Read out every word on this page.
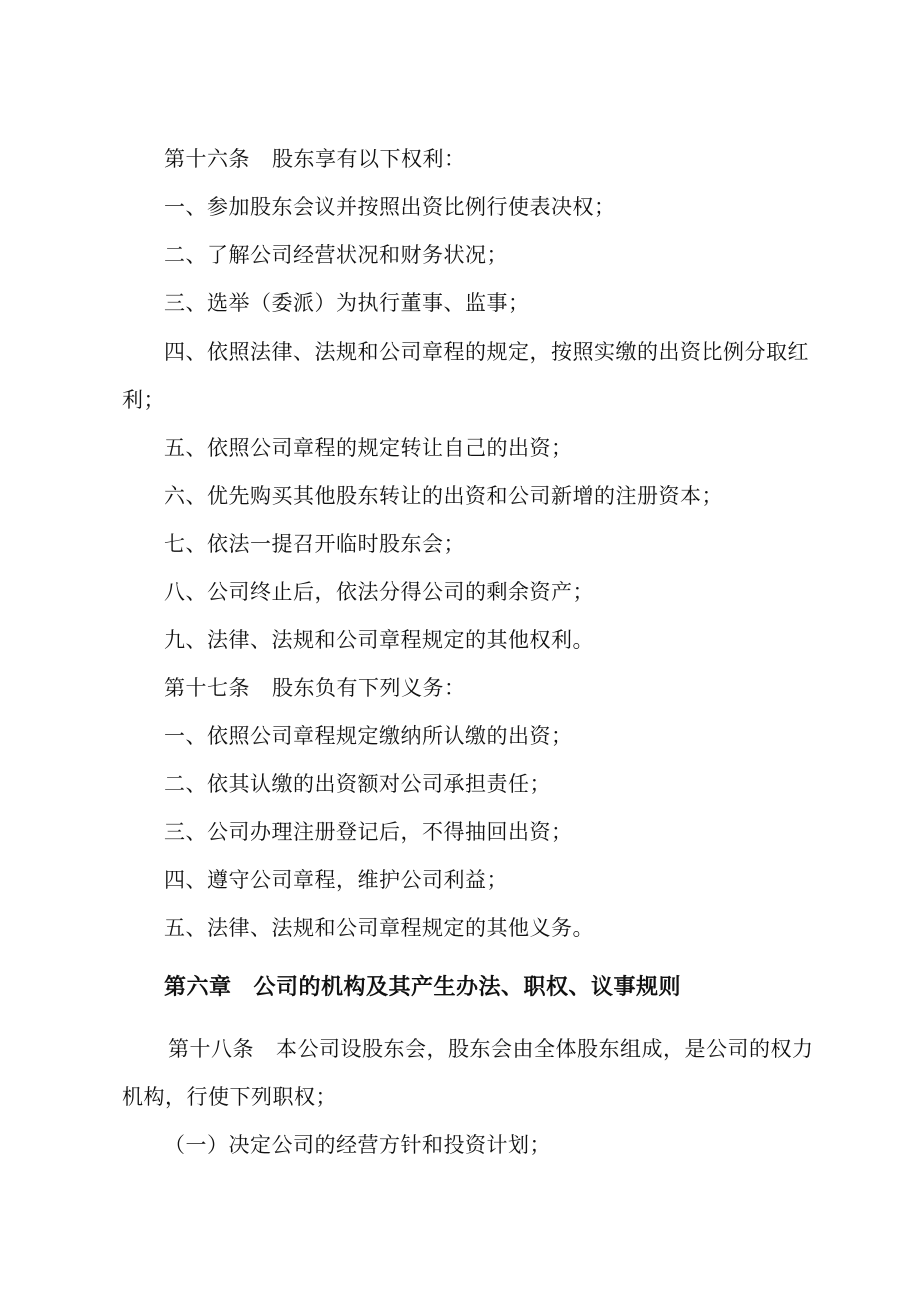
第十六条 股东享有以下权利：
一、参加股东会议并按照出资比例行使表决权；
二、了解公司经营状况和财务状况；
三、选举（委派）为执行董事、监事；
四、依照法律、法规和公司章程的规定，按照实缴的出资比例分取红
利；
五、依照公司章程的规定转让自己的出资；
六、优先购买其他股东转让的出资和公司新增的注册资本；
七、依法一提召开临时股东会；
八、公司终止后，依法分得公司的剩余资产；
九、法律、法规和公司章程规定的其他权利。
第十七条 股东负有下列义务：
一、依照公司章程规定缴纳所认缴的出资；
二、依其认缴的出资额对公司承担责任；
三、公司办理注册登记后，不得抽回出资；
四、遵守公司章程，维护公司利益；
五、法律、法规和公司章程规定的其他义务。
第六章 公司的机构及其产生办法、职权、议事规则
第十八条 本公司设股东会，股东会由全体股东组成，是公司的权力
机构，行使下列职权；
（一）决定公司的经营方针和投资计划；
